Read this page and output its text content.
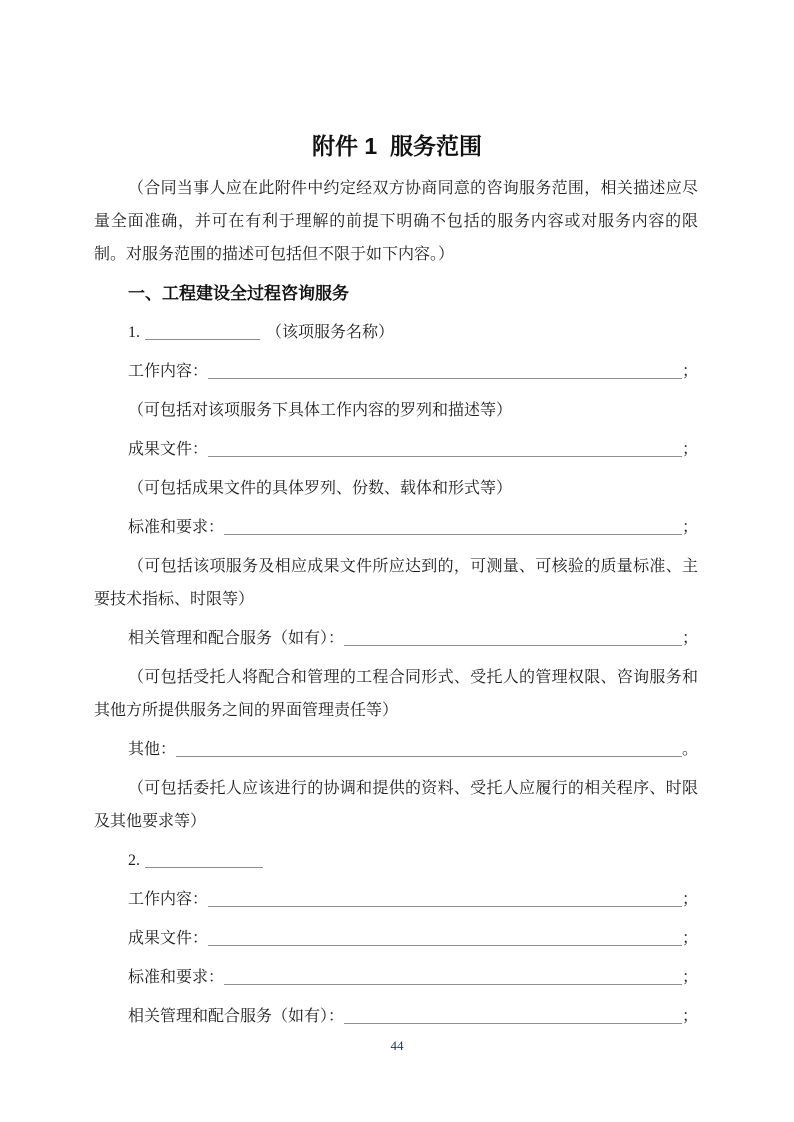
附件 1  服务范围

（合同当事人应在此附件中约定经双方协商同意的咨询服务范围，相关描述应尽量全面准确，并可在有利于理解的前提下明确不包括的服务内容或对服务内容的限制。对服务范围的描述可包括但不限于如下内容。）

一、工程建设全过程咨询服务
1.	（该项服务名称）
工作内容：	；

（可包括对该项服务下具体工作内容的罗列和描述等）

成果文件：	；

（可包括成果文件的具体罗列、份数、载体和形式等）

标准和要求：	；

（可包括该项服务及相应成果文件所应达到的，可测量、可核验的质量标准、主要技术指标、时限等）

相关管理和配合服务（如有）：	；

（可包括受托人将配合和管理的工程合同形式、受托人的管理权限、咨询服务和其他方所提供服务之间的界面管理责任等）

其他：	。

（可包括委托人应该进行的协调和提供的资料、受托人应履行的相关程序、时限及其他要求等）

2.
工作内容：	；
成果文件：	；
标准和要求：	；
相关管理和配合服务（如有）：	；
44
